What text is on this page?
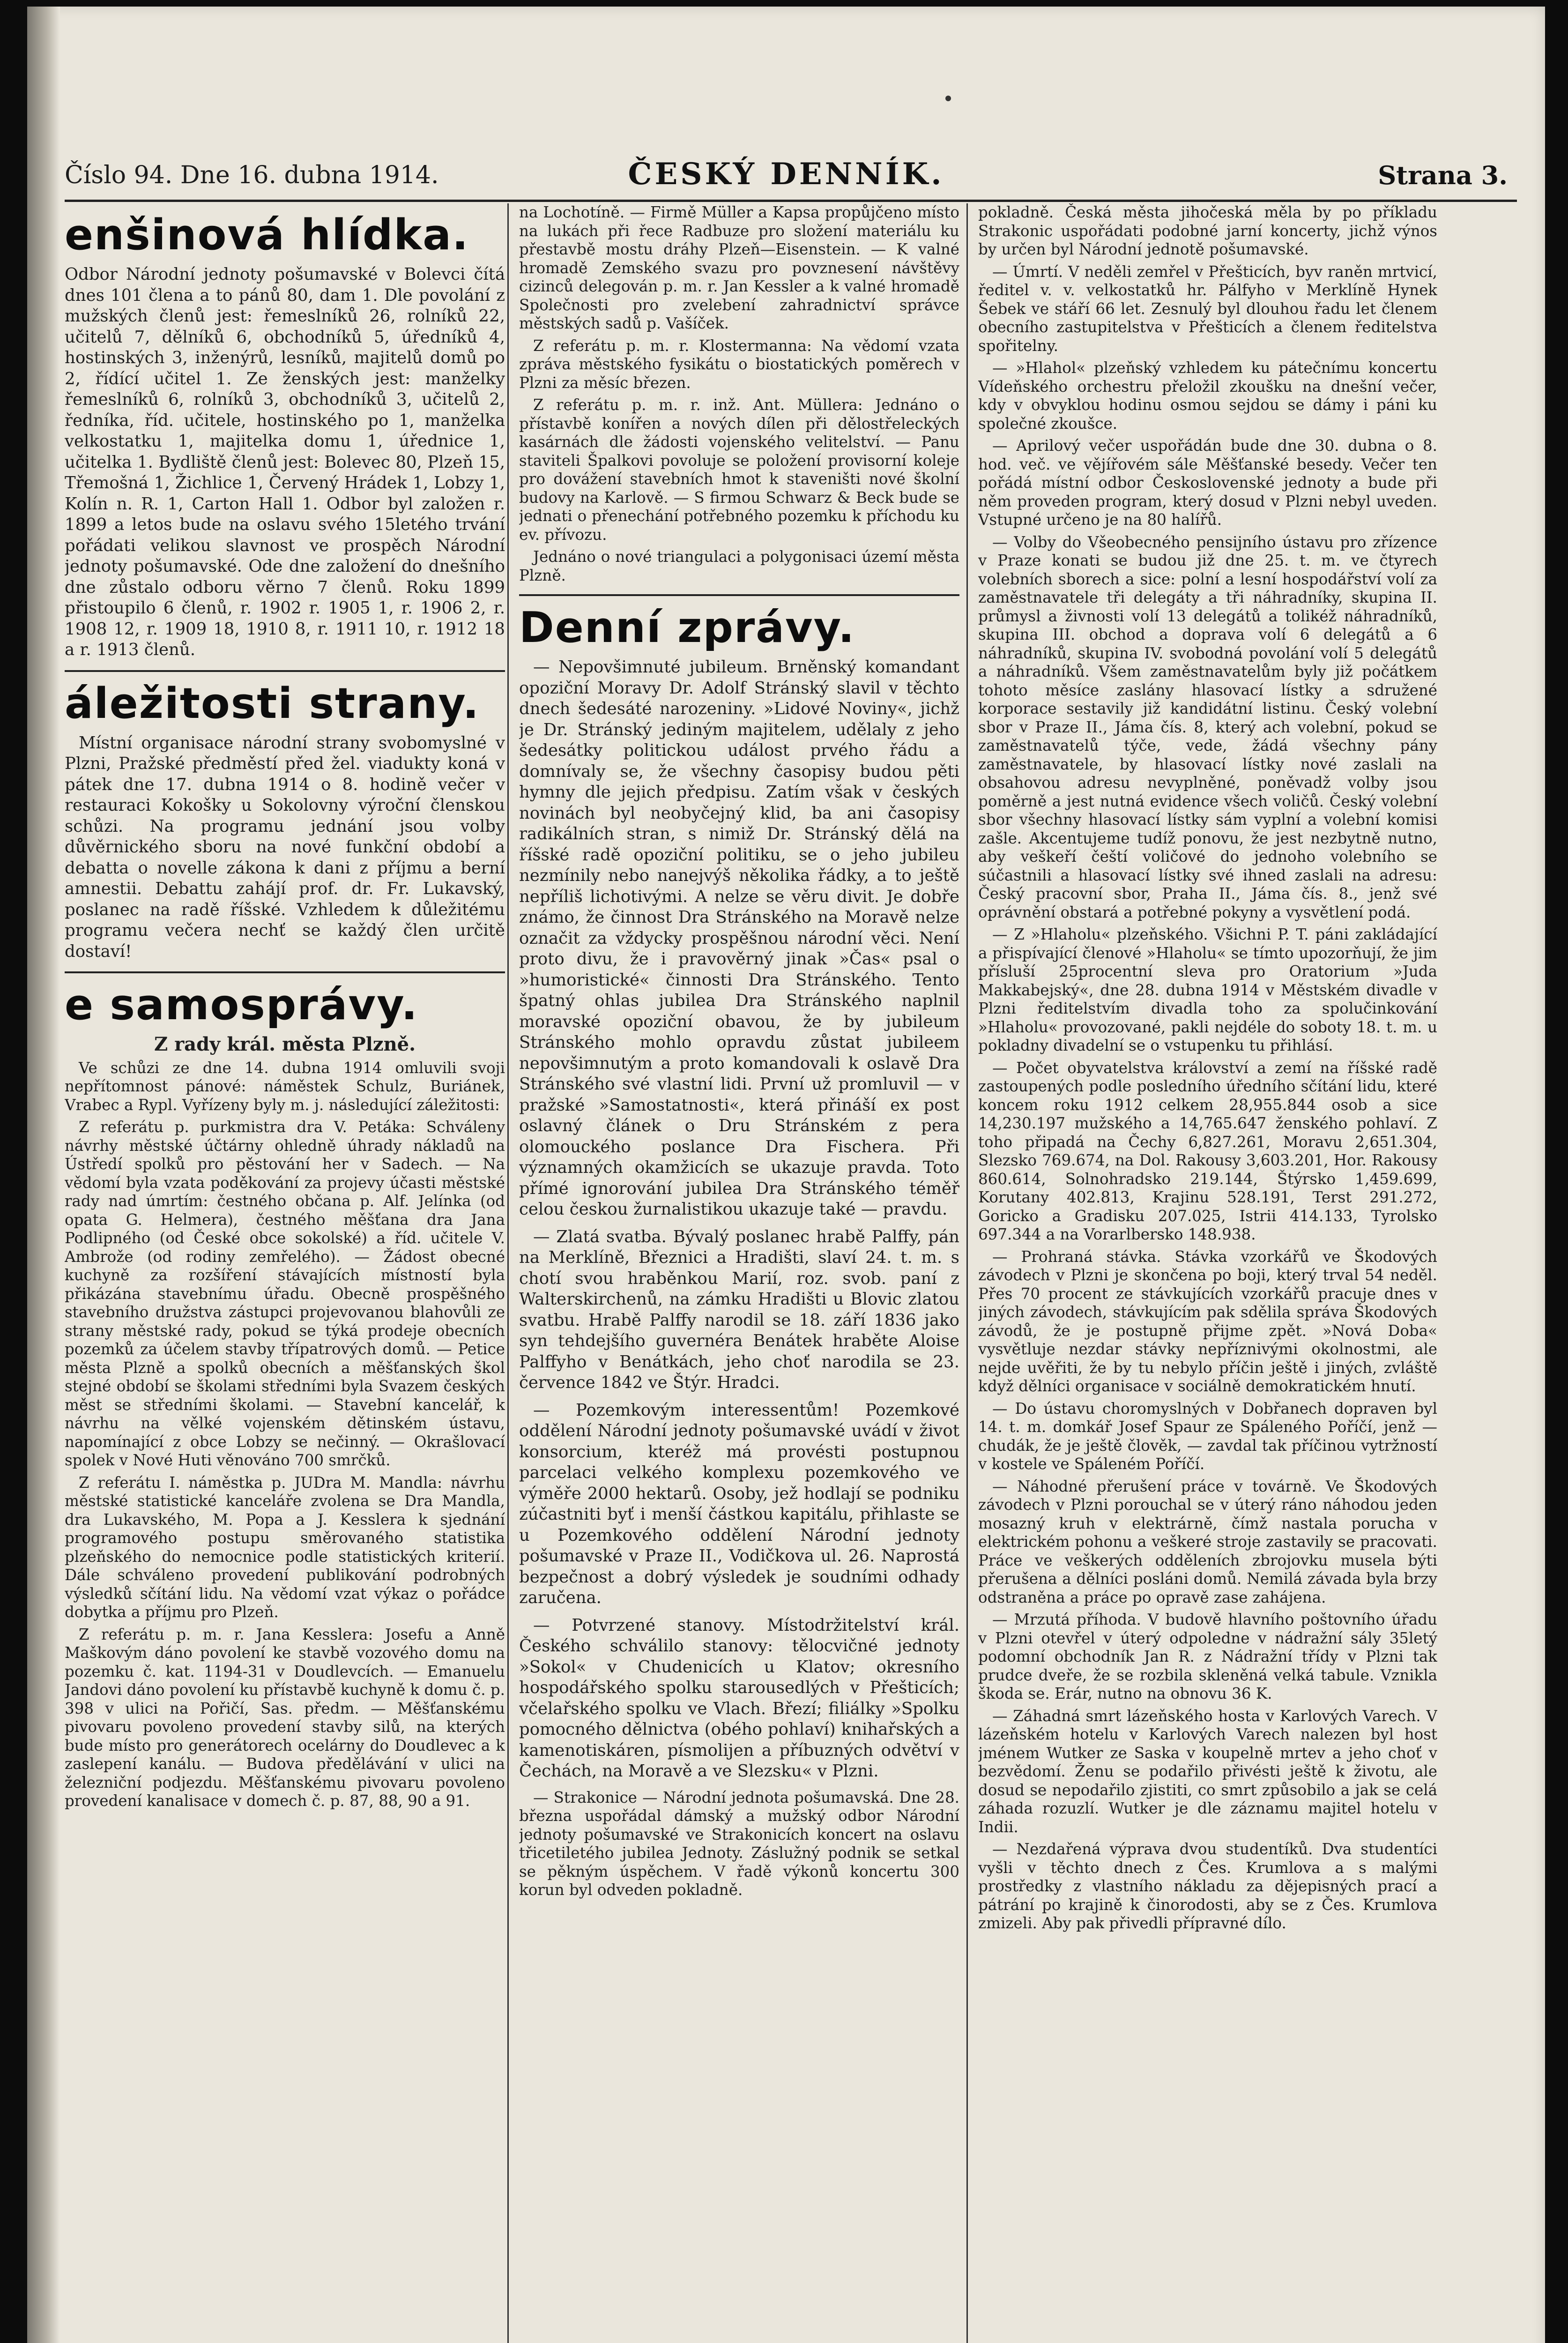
Číslo 94. Dne 16. dubna 1914.	ČESKÝ DENNÍK.	Strana 3.
enšinová hlídka.

Odbor Národní jednoty pošumavské v Bolevci čítá dnes 101 člena a to pánů 80, dam 1. Dle povolání z mužských členů jest: řemeslníků 26, rolníků 22, učitelů 7, dělníků 6, obchodníků 5, úředníků 4, hostinských 3, inženýrů, lesníků, majitelů domů po 2, řídící učitel 1. Ze ženských jest: manželky řemeslníků 6, rolníků 3, obchodníků 3, učitelů 2, ředníka, říd. učitele, hostinského po 1, manželka velkostatku 1, majitelka domu 1, úřednice 1, učitelka 1. Bydliště členů jest: Bolevec 80, Plzeň 15, Třemošná 1, Žichlice 1, Červený Hrádek 1, Lobzy 1, Kolín n. R. 1, Carton Hall 1. Odbor byl založen r. 1899 a letos bude na oslavu svého 15letého trvání pořádati velikou slavnost ve prospěch Národní jednoty pošumavské. Ode dne založení do dnešního dne zůstalo odboru věrno 7 členů. Roku 1899 přistoupilo 6 členů, r. 1902 r. 1905 1, r. 1906 2, r. 1908 12, r. 1909 18, 1910 8, r. 1911 10, r. 1912 18 a r. 1913 členů.

áležitosti strany.

Místní organisace národní strany svobomyslné v Plzni, Pražské předměstí před žel. viadukty koná v pátek dne 17. dubna 1914 o 8. hodině večer v restauraci Kokošky u Sokolovny výroční členskou schůzi. Na programu jednání jsou volby důvěrnického sboru na nové funkční období a debatta o novelle zákona k dani z příjmu a berní amnestii. Debattu zahájí prof. dr. Fr. Lukavský, poslanec na radě říšské. Vzhledem k důležitému programu večera nechť se každý člen určitě dostaví!

e samosprávy.
Z rady král. města Plzně.

Ve schůzi ze dne 14. dubna 1914 omluvili svoji nepřítomnost pánové: náměstek Schulz, Buriánek, Vrabec a Rypl. Vyřízeny byly m. j. následující záležitosti:

Z referátu p. purkmistra dra V. Petáka: Schváleny návrhy městské účtárny ohledně úhrady nákladů na Ústředí spolků pro pěstování her v Sadech. — Na vědomí byla vzata poděkování za projevy účasti městské rady nad úmrtím: čestného občana p. Alf. Jelínka (od opata G. Helmera), čestného měšťana dra Jana Podlipného (od České obce sokolské) a říd. učitele V. Ambrože (od rodiny zemřelého). — Žádost obecné kuchyně za rozšíření stávajících místností byla přikázána stavebnímu úřadu. Obecně prospěšného stavebního družstva zástupci projevovanou blahovůli ze strany městské rady, pokud se týká prodeje obecních pozemků za účelem stavby třípatrových domů. — Petice města Plzně a spolků obecních a měšťanských škol stejné období se školami středními byla Svazem českých měst se středními školami. — Stavební kancelář, k návrhu na vělké vojenském dětinském ústavu, napomínající z obce Lobzy se nečinný. — Okrašlovací spolek v Nové Huti věnováno 700 smrčků.

Z referátu I. náměstka p. JUDra M. Mandla: návrhu městské statistické kanceláře zvolena se Dra Mandla, dra Lukavského, M. Popa a J. Kesslera k sjednání programového postupu směrovaného statistika plzeňského do nemocnice podle statistických kriterií. Dále schváleno provedení publikování podrobných výsledků sčítání lidu. Na vědomí vzat výkaz o pořádce dobytka a příjmu pro Plzeň.

Z referátu p. m. r. Jana Kesslera: Josefu a Anně Maškovým dáno povolení ke stavbě vozového domu na pozemku č. kat. 1194-31 v Doudlevcích. — Emanuelu Jandovi dáno povolení ku přístavbě kuchyně k domu č. p. 398 v ulici na Pořičí, Sas. předm. — Měšťanskému pivovaru povoleno provedení stavby silů, na kterých bude místo pro generátorech ocelárny do Doudlevec a k zaslepení kanálu. — Budova předělávání v ulici na železniční podjezdu. Měšťanskému pivovaru povoleno provedení kanalisace v domech č. p. 87, 88, 90 a 91.

na Lochotíně. — Firmě Müller a Kapsa propůjčeno místo na lukách při řece Radbuze pro složení materiálu ku přestavbě mostu dráhy Plzeň—Eisenstein. — K valné hromadě Zemského svazu pro povznesení návštěvy cizinců delegován p. m. r. Jan Kessler a k valné hromadě Společnosti pro zvelebení zahradnictví správce městských sadů p. Vašíček.

Z referátu p. m. r. Klostermanna: Na vědomí vzata zpráva městského fysikátu o biostatických poměrech v Plzni za měsíc březen.

Z referátu p. m. r. inž. Ant. Müllera: Jednáno o přístavbě konířen a nových dílen při dělostřeleckých kasárnách dle žádosti vojenského velitelství. — Panu staviteli Špalkovi povoluje se položení provisorní koleje pro dovážení stavebních hmot k staveništi nové školní budovy na Karlově. — S firmou Schwarz & Beck bude se jednati o přenechání potřebného pozemku k příchodu ku ev. přívozu.

Jednáno o nové triangulaci a polygonisaci území města Plzně.

Denní zprávy.

— Nepovšimnuté jubileum. Brněnský komandant opoziční Moravy Dr. Adolf Stránský slavil v těchto dnech šedesáté narozeniny. »Lidové Noviny«, jichž je Dr. Stránský jediným majitelem, udělaly z jeho šedesátky politickou událost prvého řádu a domnívaly se, že všechny časopisy budou pěti hymny dle jejich předpisu. Zatím však v českých novinách byl neobyčejný klid, ba ani časopisy radikálních stran, s nimiž Dr. Stránský dělá na říšské radě opoziční politiku, se o jeho jubileu nezmínily nebo nanejvýš několika řádky, a to ještě nepříliš lichotivými. A nelze se věru divit. Je dobře známo, že činnost Dra Stránského na Moravě nelze označit za vždycky prospěšnou národní věci. Není proto divu, že i pravověrný jinak »Čas« psal o »humoristické« činnosti Dra Stránského. Tento špatný ohlas jubilea Dra Stránského naplnil moravské opoziční obavou, že by jubileum Stránského mohlo opravdu zůstat jubileem nepovšimnutým a proto komandovali k oslavě Dra Stránského své vlastní lidi. První už promluvil — v pražské »Samostatnosti«, která přináší ex post oslavný článek o Dru Stránském z pera olomouckého poslance Dra Fischera. Při významných okamžicích se ukazuje pravda. Toto přímé ignorování jubilea Dra Stránského téměř celou českou žurnalistikou ukazuje také — pravdu.

— Zlatá svatba. Bývalý poslanec hrabě Palffy, pán na Merklíně, Březnici a Hradišti, slaví 24. t. m. s chotí svou hraběnkou Marií, roz. svob. paní z Walterskirchenů, na zámku Hradišti u Blovic zlatou svatbu. Hrabě Palffy narodil se 18. září 1836 jako syn tehdejšího guvernéra Benátek hraběte Aloise Palffyho v Benátkách, jeho choť narodila se 23. července 1842 ve Štýr. Hradci.

— Pozemkovým interessentům! Pozemkové oddělení Národní jednoty pošumavské uvádí v život konsorcium, kteréž má provésti postupnou parcelaci velkého komplexu pozemkového ve výměře 2000 hektarů. Osoby, jež hodlají se podniku zúčastniti byť i menší částkou kapitálu, přihlaste se u Pozemkového oddělení Národní jednoty pošumavské v Praze II., Vodičkova ul. 26. Naprostá bezpečnost a dobrý výsledek je soudními odhady zaručena.

— Potvrzené stanovy. Místodržitelství král. Českého schválilo stanovy: tělocvičné jednoty »Sokol« v Chudenicích u Klatov; okresního hospodářského spolku starousedlých v Přešticích; včelařského spolku ve Vlach. Březí; filiálky »Spolku pomocného dělnictva (obého pohlaví) knihařských a kamenotiskáren, písmolijen a příbuzných odvětví v Čechách, na Moravě a ve Slezsku« v Plzni.

— Strakonice — Národní jednota pošumavská. Dne 28. března uspořádal dámský a mužský odbor Národní jednoty pošumavské ve Strakonicích koncert na oslavu třicetiletého jubilea Jednoty. Záslužný podnik se setkal se pěkným úspěchem. V řadě výkonů koncertu 300 korun byl odveden pokladně.

pokladně. Česká města jihočeská měla by po příkladu Strakonic uspořádati podobné jarní koncerty, jichž výnos by určen byl Národní jednotě pošumavské.

— Úmrtí. V neděli zemřel v Přešticích, byv raněn mrtvicí, ředitel v. v. velkostatků hr. Pálfyho v Merklíně Hynek Šebek ve stáří 66 let. Zesnulý byl dlouhou řadu let členem obecního zastupitelstva v Přešticích a členem ředitelstva spořitelny.

— »Hlahol« plzeňský vzhledem ku pátečnímu koncertu Vídeňského orchestru přeložil zkoušku na dnešní večer, kdy v obvyklou hodinu osmou sejdou se dámy i páni ku společné zkoušce.

— Aprilový večer uspořádán bude dne 30. dubna o 8. hod. več. ve vějířovém sále Měšťanské besedy. Večer ten pořádá místní odbor Československé jednoty a bude při něm proveden program, který dosud v Plzni nebyl uveden. Vstupné určeno je na 80 halířů.

— Volby do Všeobecného pensijního ústavu pro zřízence v Praze konati se budou již dne 25. t. m. ve čtyrech volebních sborech a sice: polní a lesní hospodářství volí za zaměstnavatele tři delegáty a tři náhradníky, skupina II. průmysl a živnosti volí 13 delegátů a tolikéž náhradníků, skupina III. obchod a doprava volí 6 delegátů a 6 náhradníků, skupina IV. svobodná povolání volí 5 delegátů a náhradníků. Všem zaměstnavatelům byly již počátkem tohoto měsíce zaslány hlasovací lístky a sdružené korporace sestavily již kandidátní listinu. Český volební sbor v Praze II., Jáma čís. 8, který ach volební, pokud se zaměstnavatelů týče, vede, žádá všechny pány zaměstnavatele, by hlasovací lístky nové zaslali na obsahovou adresu nevyplněné, poněvadž volby jsou poměrně a jest nutná evidence všech voličů. Český volební sbor všechny hlasovací lístky sám vyplní a volební komisi zašle. Akcentujeme tudíž ponovu, že jest nezbytně nutno, aby veškeří čeští voličové do jednoho volebního se súčastnili a hlasovací lístky své ihned zaslali na adresu: Český pracovní sbor, Praha II., Jáma čís. 8., jenž své oprávnění obstará a potřebné pokyny a vysvětlení podá.

— Z »Hlaholu« plzeňského. Všichni P. T. páni zakládající a přispívající členové »Hlaholu« se tímto upozorňují, že jim přísluší 25procentní sleva pro Oratorium »Juda Makkabejský«, dne 28. dubna 1914 v Městském divadle v Plzni ředitelstvím divadla toho za spolučinkování »Hlaholu« provozované, pakli nejdéle do soboty 18. t. m. u pokladny divadelní se o vstupenku tu přihlásí.

— Počet obyvatelstva království a zemí na říšské radě zastoupených podle posledního úředního sčítání lidu, které koncem roku 1912 celkem 28,955.844 osob a sice 14,230.197 mužského a 14,765.647 ženského pohlaví. Z toho připadá na Čechy 6,827.261, Moravu 2,651.304, Slezsko 769.674, na Dol. Rakousy 3,603.201, Hor. Rakousy 860.614, Solnohradsko 219.144, Štýrsko 1,459.699, Korutany 402.813, Krajinu 528.191, Terst 291.272, Goricko a Gradisku 207.025, Istrii 414.133, Tyrolsko 697.344 a na Vorarlbersko 148.938.

— Prohraná stávka. Stávka vzorkářů ve Škodových závodech v Plzni je skončena po boji, který trval 54 neděl. Přes 70 procent ze stávkujících vzorkářů pracuje dnes v jiných závodech, stávkujícím pak sdělila správa Škodových závodů, že je postupně přijme zpět. »Nová Doba« vysvětluje nezdar stávky nepříznivými okolnostmi, ale nejde uvěřiti, že by tu nebylo příčin ještě i jiných, zvláště když dělníci organisace v sociálně demokratickém hnutí.

— Do ústavu choromyslných v Dobřanech dopraven byl 14. t. m. domkář Josef Spaur ze Spáleného Poříčí, jenž — chudák, že je ještě člověk, — zavdal tak příčinou vytržností v kostele ve Spáleném Poříčí.

— Náhodné přerušení práce v továrně. Ve Škodových závodech v Plzni porouchal se v úterý ráno náhodou jeden mosazný kruh v elektrárně, čímž nastala porucha v elektrickém pohonu a veškeré stroje zastavily se pracovati. Práce ve veškerých odděleních zbrojovku musela býti přerušena a dělníci posláni domů. Nemilá závada byla brzy odstraněna a práce po opravě zase zahájena.

— Mrzutá příhoda. V budově hlavního poštovního úřadu v Plzni otevřel v úterý odpoledne v nádražní sály 35letý podomní obchodník Jan R. z Nádražní třídy v Plzni tak prudce dveře, že se rozbila skleněná velká tabule. Vznikla škoda se. Erár, nutno na obnovu 36 K.

— Záhadná smrt lázeňského hosta v Karlových Varech. V lázeňském hotelu v Karlových Varech nalezen byl host jménem Wutker ze Saska v koupelně mrtev a jeho choť v bezvědomí. Ženu se podařilo přivésti ještě k životu, ale dosud se nepodařilo zjistiti, co smrt způsobilo a jak se celá záhada rozuzlí. Wutker je dle záznamu majitel hotelu v Indii.

— Nezdařená výprava dvou studentíků. Dva studentíci vyšli v těchto dnech z Čes. Krumlova a s malými prostředky z vlastního nákladu za dějepisných prací a pátrání po krajině k činorodosti, aby se z Čes. Krumlova zmizeli. Aby pak přivedli přípravné dílo.
